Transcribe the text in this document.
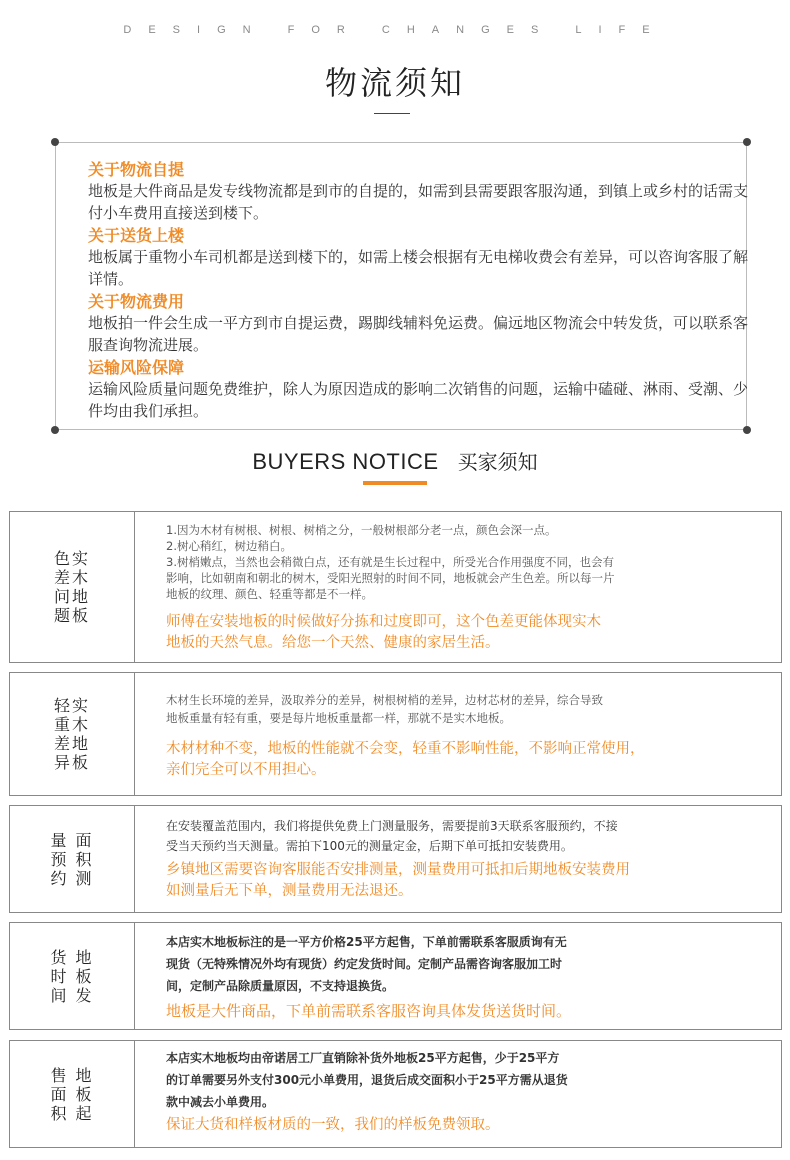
DESIGN FOR CHANGES LIFE
物流须知

关于物流自提

地板是大件商品是发专线物流都是到市的自提的，如需到县需要跟客服沟通，到镇上或乡村的话需支付小车费用直接送到楼下。

关于送货上楼

地板属于重物小车司机都是送到楼下的，如需上楼会根据有无电梯收费会有差异，可以咨询客服了解详情。

关于物流费用

地板拍一件会生成一平方到市自提运费，踢脚线辅料免运费。偏远地区物流会中转发货，可以联系客服查询物流进展。

运输风险保障

运输风险质量问题免费维护，除人为原因造成的影响二次销售的问题，运输中磕碰、淋雨、受潮、少件均由我们承担。

BUYERS NOTICE 买家须知
色实
差木
问地
题板

1.因为木材有树根、树根、树梢之分，一般树根部分老一点，颜色会深一点。

2.树心稍红，树边稍白。

3.树梢嫩点，当然也会稍微白点，还有就是生长过程中，所受光合作用强度不同，也会有

影响，比如朝南和朝北的树木，受阳光照射的时间不同，地板就会产生色差。所以每一片

地板的纹理、颜色、轻重等都是不一样。

师傅在安装地板的时候做好分拣和过度即可，这个色差更能体现实木

地板的天然气息。给您一个天然、健康的家居生活。

轻实
重木
差地
异板

木材生长环境的差异，汲取养分的差异，树根树梢的差异，边材芯材的差异，综合导致

地板重量有轻有重，要是每片地板重量都一样，那就不是实木地板。

木材材种不变，地板的性能就不会变，轻重不影响性能，不影响正常使用，

亲们完全可以不用担心。

量 面
预 积
约 测

在安装覆盖范围内，我们将提供免费上门测量服务，需要提前3天联系客服预约，不接

受当天预约当天测量。需拍下100元的测量定金，后期下单可抵扣安装费用。

乡镇地区需要咨询客服能否安排测量，测量费用可抵扣后期地板安装费用

如测量后无下单，测量费用无法退还。

货 地
时 板
间 发

本店实木地板标注的是一平方价格25平方起售，下单前需联系客服质询有无

现货（无特殊情况外均有现货）约定发货时间。定制产品需咨询客服加工时

间，定制产品除质量原因，不支持退换货。

地板是大件商品，下单前需联系客服咨询具体发货送货时间。

售 地
面 板
积 起

本店实木地板均由帝诺居工厂直销除补货外地板25平方起售，少于25平方

的订单需要另外支付300元小单费用，退货后成交面积小于25平方需从退货

款中减去小单费用。

保证大货和样板材质的一致，我们的样板免费领取。
